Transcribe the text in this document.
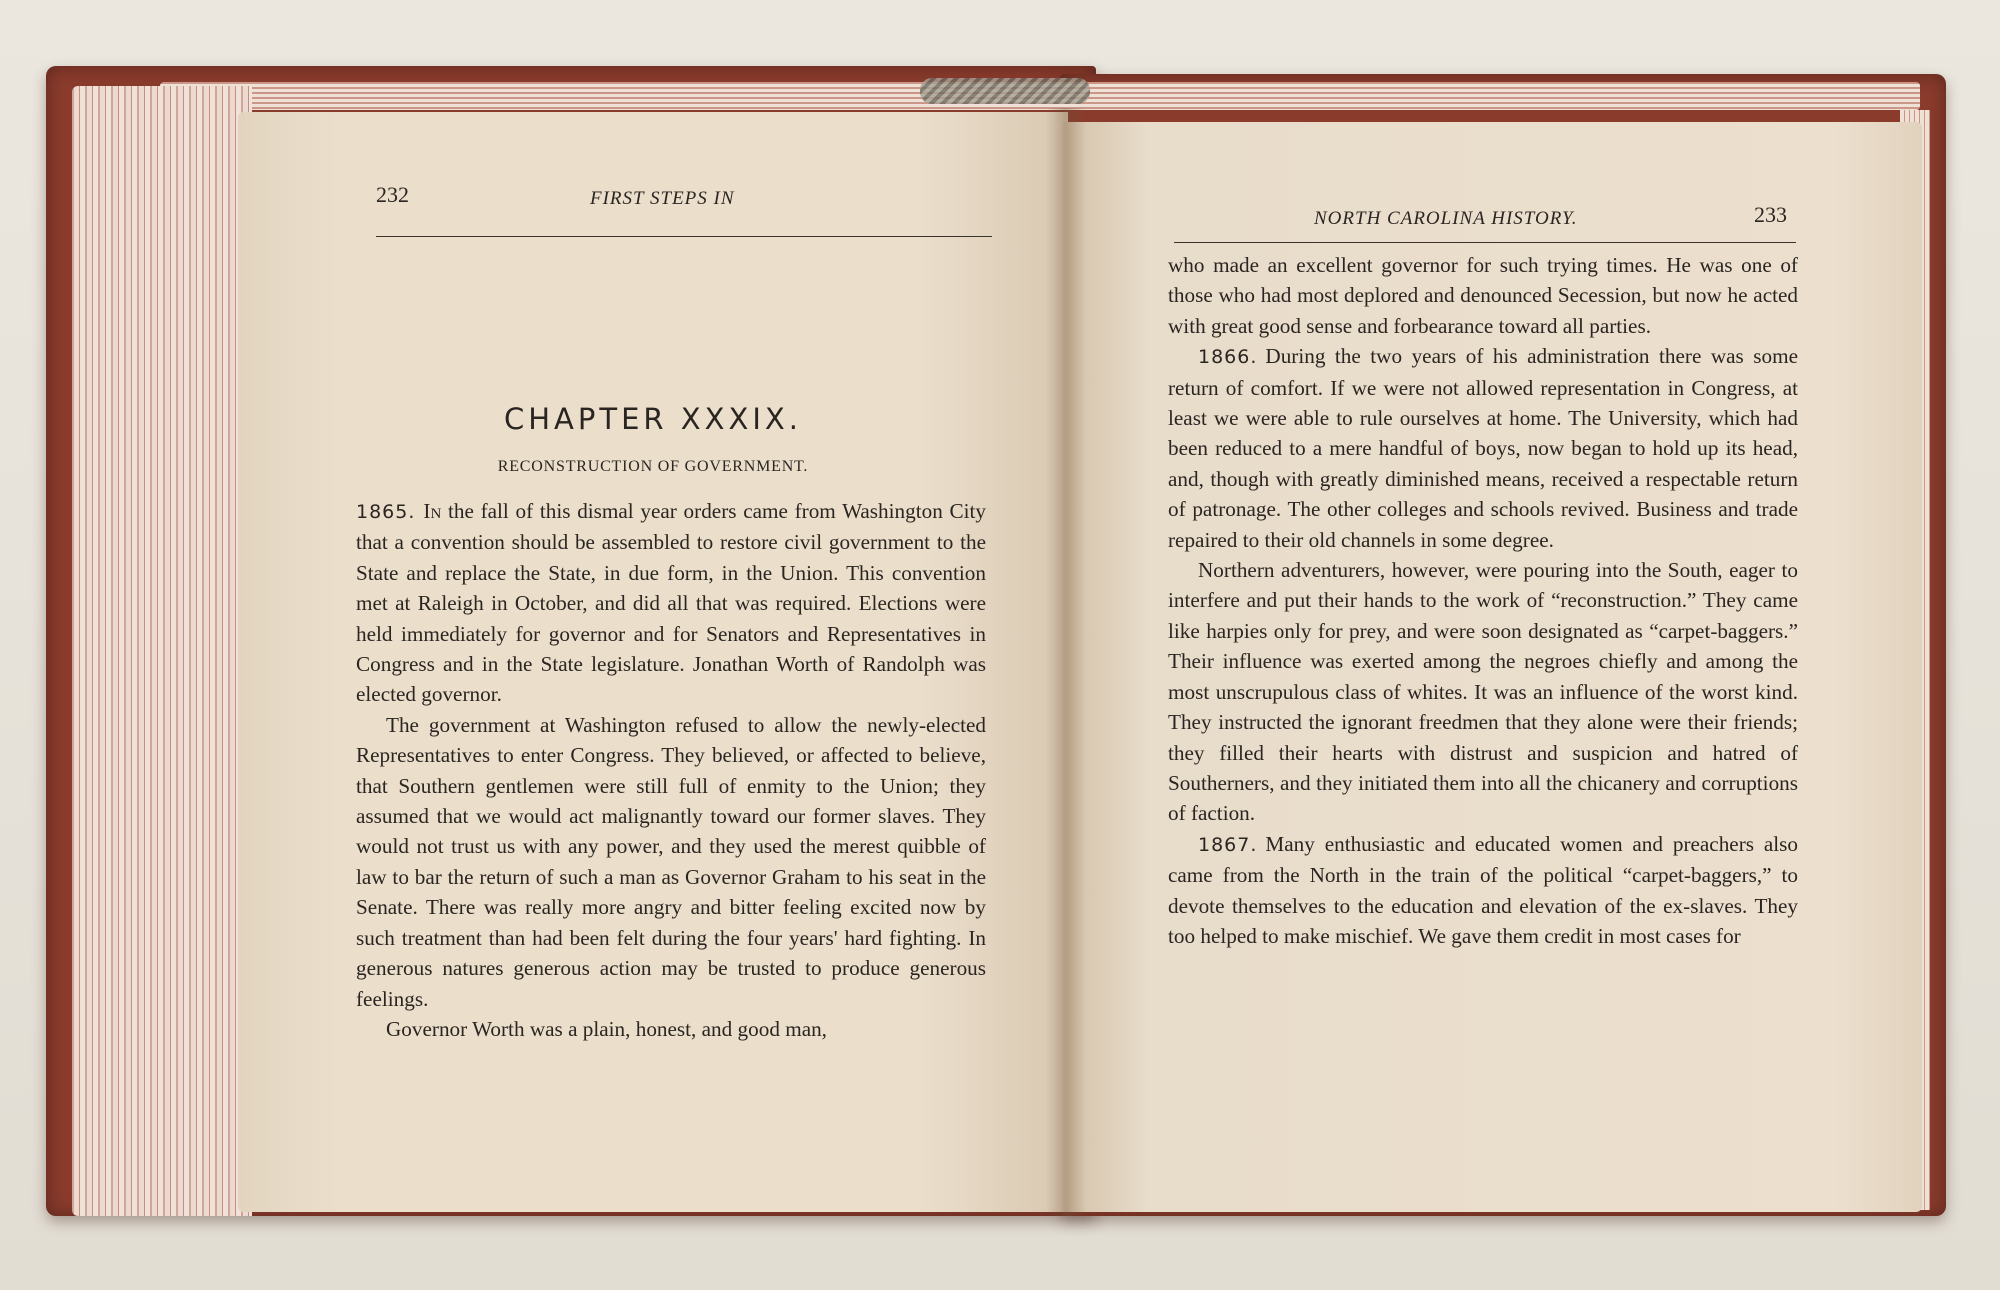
232	FIRST STEPS IN
CHAPTER XXXIX.
RECONSTRUCTION OF GOVERNMENT.

1865. In the fall of this dismal year orders came from Washington City that a convention should be assembled to restore civil government to the State and replace the State, in due form, in the Union. This convention met at Raleigh in October, and did all that was required. Elections were held immediately for governor and for Senators and Representatives in Congress and in the State legislature. Jonathan Worth of Randolph was elected governor.

The government at Washington refused to allow the newly-elected Representatives to enter Congress. They believed, or affected to believe, that Southern gentlemen were still full of enmity to the Union; they assumed that we would act malignantly toward our former slaves. They would not trust us with any power, and they used the merest quibble of law to bar the return of such a man as Governor Graham to his seat in the Senate. There was really more angry and bitter feeling excited now by such treatment than had been felt during the four years' hard fighting. In generous natures generous action may be trusted to produce generous feelings.

Governor Worth was a plain, honest, and good man,

NORTH CAROLINA HISTORY.	233

who made an excellent governor for such trying times. He was one of those who had most deplored and denounced Secession, but now he acted with great good sense and forbearance toward all parties.

1866. During the two years of his administration there was some return of comfort. If we were not allowed representation in Congress, at least we were able to rule ourselves at home. The University, which had been reduced to a mere handful of boys, now began to hold up its head, and, though with greatly diminished means, received a respectable return of patronage. The other colleges and schools revived. Business and trade repaired to their old channels in some degree.

Northern adventurers, however, were pouring into the South, eager to interfere and put their hands to the work of “reconstruction.” They came like harpies only for prey, and were soon designated as “carpet-baggers.” Their influence was exerted among the negroes chiefly and among the most unscrupulous class of whites. It was an influence of the worst kind. They instructed the ignorant freedmen that they alone were their friends; they filled their hearts with distrust and suspicion and hatred of Southerners, and they initiated them into all the chicanery and corruptions of faction.

1867. Many enthusiastic and educated women and preachers also came from the North in the train of the political “carpet-baggers,” to devote themselves to the education and elevation of the ex-slaves. They too helped to make mischief. We gave them credit in most cases for
